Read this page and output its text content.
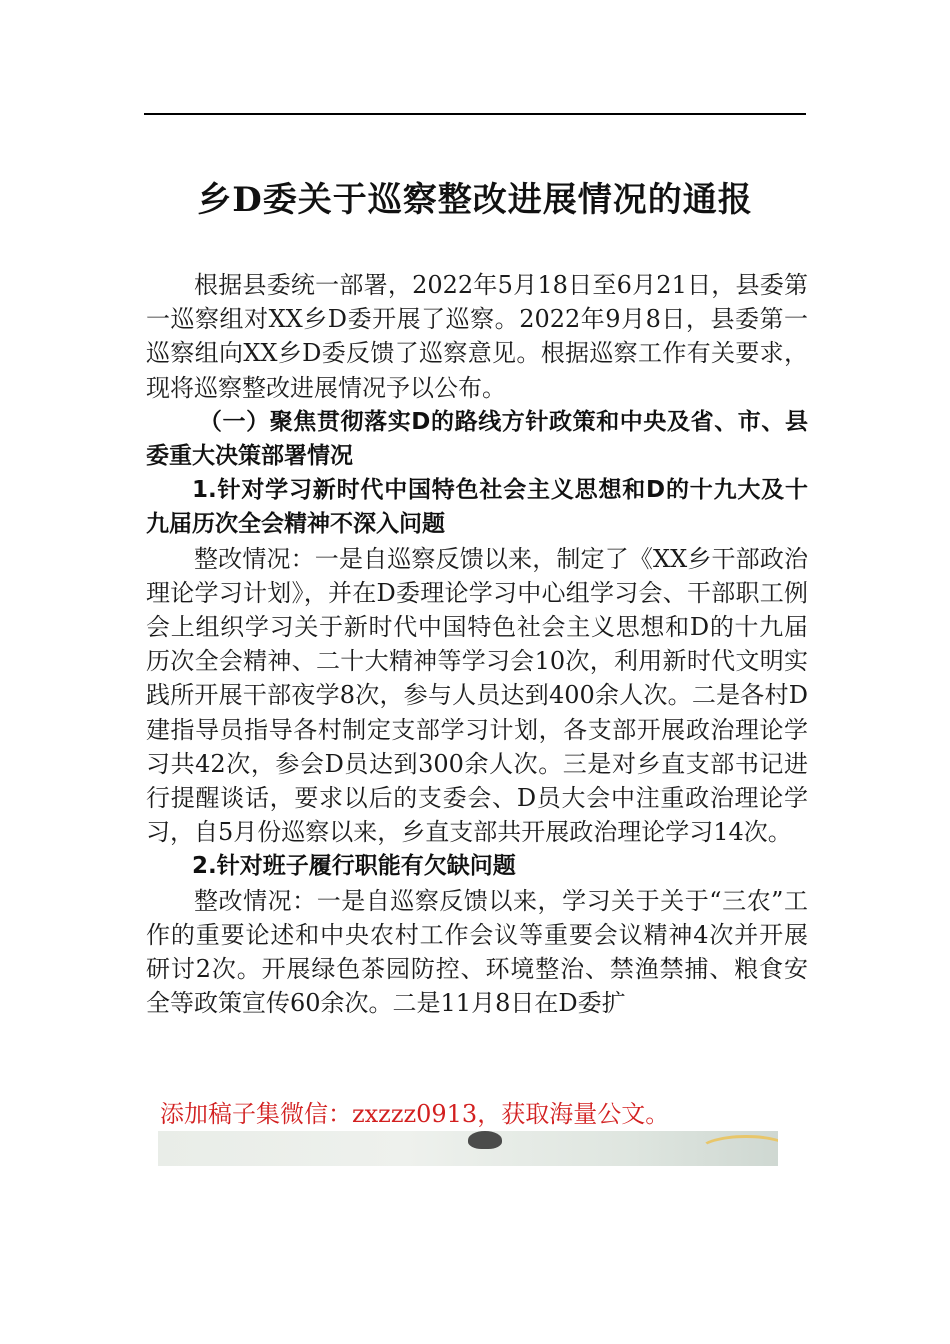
乡D委关于巡察整改进展情况的通报

根据县委统一部署，2022年5月18日至6月21日，县委第一巡察组对XX乡D委开展了巡察。2022年9月8日，县委第一巡察组向XX乡D委反馈了巡察意见。根据巡察工作有关要求，现将巡察整改进展情况予以公布。

（一）聚焦贯彻落实D的路线方针政策和中央及省、市、县委重大决策部署情况

1.针对学习新时代中国特色社会主义思想和D的十九大及十九届历次全会精神不深入问题

整改情况：一是自巡察反馈以来，制定了《XX乡干部政治理论学习计划》，并在D委理论学习中心组学习会、干部职工例会上组织学习关于新时代中国特色社会主义思想和D的十九届历次全会精神、二十大精神等学习会10次，利用新时代文明实践所开展干部夜学8次，参与人员达到400余人次。二是各村D建指导员指导各村制定支部学习计划，各支部开展政治理论学习共42次，参会D员达到300余人次。三是对乡直支部书记进行提醒谈话，要求以后的支委会、D员大会中注重政治理论学习，自5月份巡察以来，乡直支部共开展政治理论学习14次。

2.针对班子履行职能有欠缺问题

整改情况：一是自巡察反馈以来，学习关于关于“三农”工作的重要论述和中央农村工作会议等重要会议精神4次并开展研讨2次。开展绿色茶园防控、环境整治、禁渔禁捕、粮食安全等政策宣传60余次。二是11月8日在D委扩

添加稿子集微信：zxzzz0913，获取海量公文。
